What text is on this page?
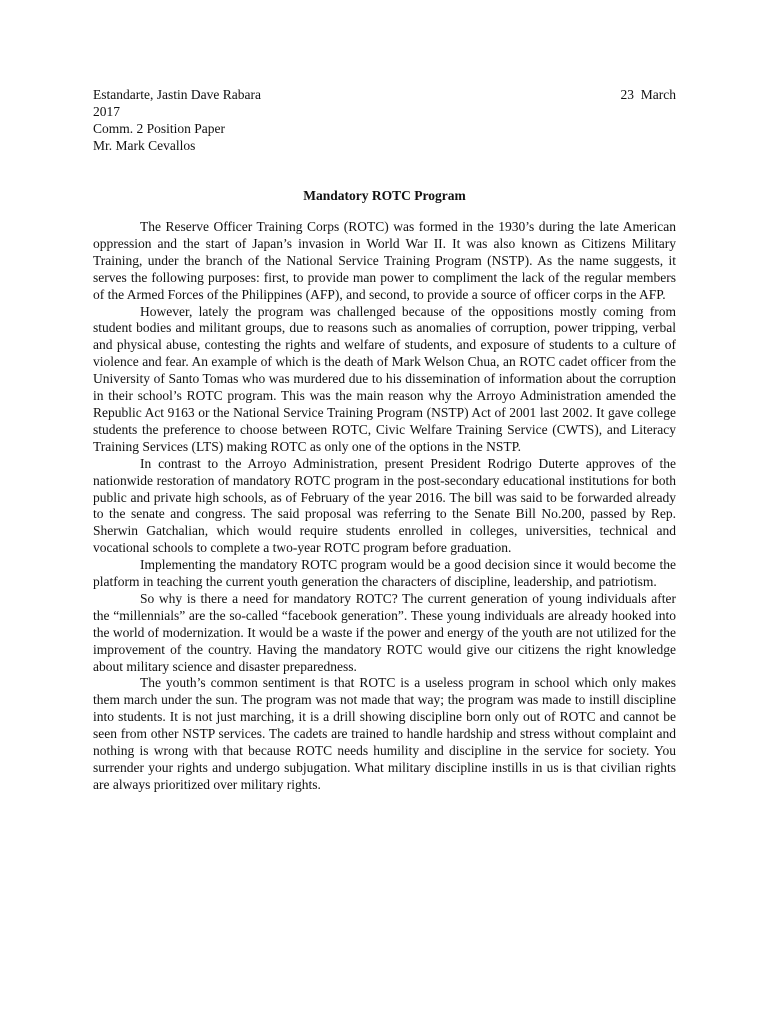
Estandarte, Jastin Dave Rabara	23  March
2017
Comm. 2 Position Paper
Mr. Mark Cevallos
Mandatory ROTC Program

The Reserve Officer Training Corps (ROTC) was formed in the 1930’s during the late American oppression and the start of Japan’s invasion in World War II. It was also known as Citizens Military Training, under the branch of the National Service Training Program (NSTP). As the name suggests, it serves the following purposes: first, to provide man power to compliment the lack of the regular members of the Armed Forces of the Philippines (AFP), and second, to provide a source of officer corps in the AFP.

However, lately the program was challenged because of the oppositions mostly coming from student bodies and militant groups, due to reasons such as anomalies of corruption, power tripping, verbal and physical abuse, contesting the rights and welfare of students, and exposure of students to a culture of violence and fear. An example of which is the death of Mark Welson Chua, an ROTC cadet officer from the University of Santo Tomas who was murdered due to his dissemination of information about the corruption in their school’s ROTC program. This was the main reason why the Arroyo Administration amended the Republic Act 9163 or the National Service Training Program (NSTP) Act of 2001 last 2002. It gave college students the preference to choose between ROTC, Civic Welfare Training Service (CWTS), and Literacy Training Services (LTS) making ROTC as only one of the options in the NSTP.

In contrast to the Arroyo Administration, present President Rodrigo Duterte approves of the nationwide restoration of mandatory ROTC program in the post-secondary educational institutions for both public and private high schools, as of February of the year 2016. The bill was said to be forwarded already to the senate and congress. The said proposal was referring to the Senate Bill No.200, passed by Rep. Sherwin Gatchalian, which would require students enrolled in colleges, universities, technical and vocational schools to complete a two-year ROTC program before graduation.

Implementing the mandatory ROTC program would be a good decision since it would become the platform in teaching the current youth generation the characters of discipline, leadership, and patriotism.

So why is there a need for mandatory ROTC? The current generation of young individuals after the “millennials” are the so-called “facebook generation”. These young individuals are already hooked into the world of modernization. It would be a waste if the power and energy of the youth are not utilized for the improvement of the country. Having the mandatory ROTC would give our citizens the right knowledge about military science and disaster preparedness.

The youth’s common sentiment is that ROTC is a useless program in school which only makes them march under the sun. The program was not made that way; the program was made to instill discipline into students. It is not just marching, it is a drill showing discipline born only out of ROTC and cannot be seen from other NSTP services. The cadets are trained to handle hardship and stress without complaint and nothing is wrong with that because ROTC needs humility and discipline in the service for society. You surrender your rights and undergo subjugation. What military discipline instills in us is that civilian rights are always prioritized over military rights.
